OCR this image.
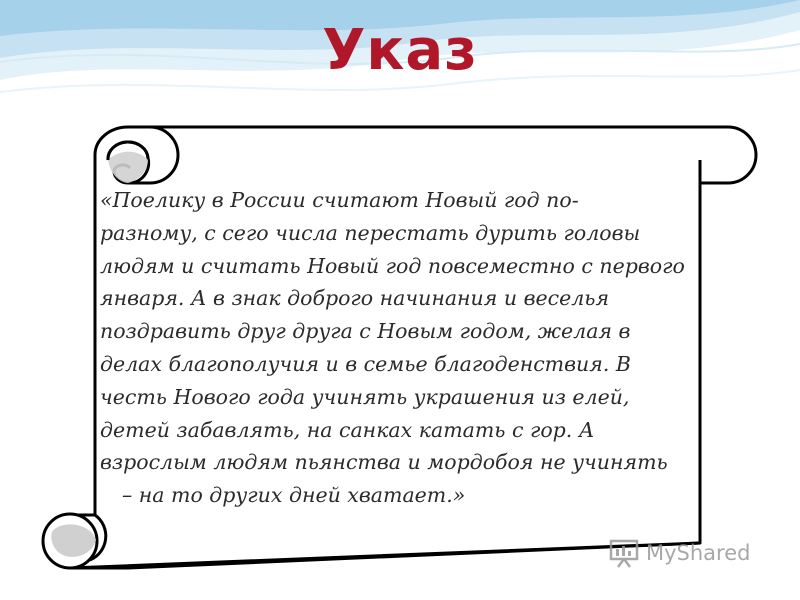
Указ
«Поелику в России считают Новый год по-
разному, с сего числа перестать дурить головы
людям и считать Новый год повсеместно с первого
января. А в знак доброго начинания и веселья
поздравить друг друга с Новым годом, желая в
делах благополучия и в семье благоденствия. В
честь Нового года учинять украшения из елей,
детей забавлять, на санках катать с гор. А
взрослым людям пьянства и мордобоя не учинять
– на то других дней хватает.»
MyShared
